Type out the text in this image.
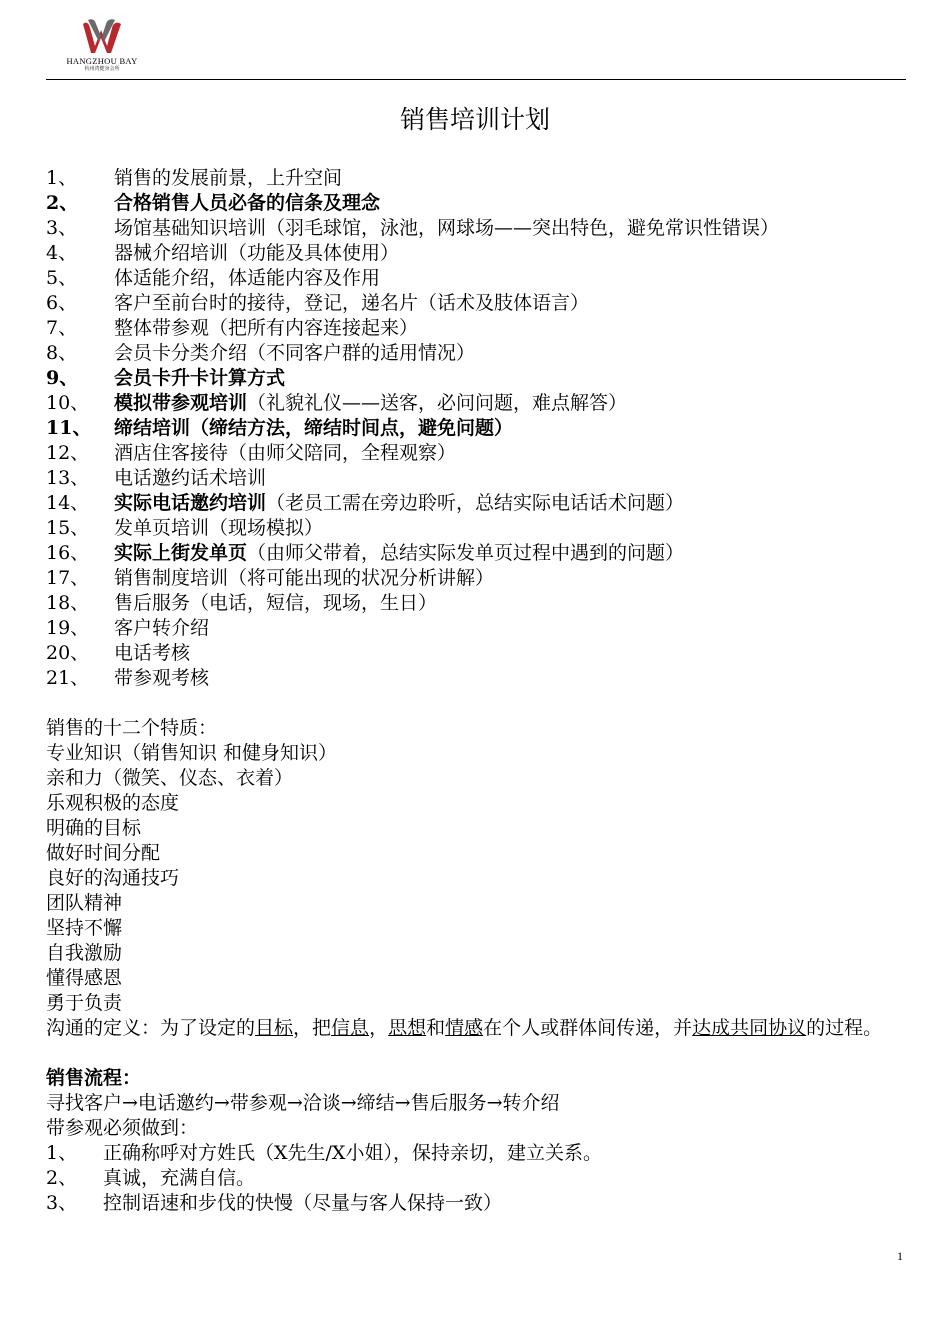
HANGZHOU BAY
杭州湾健身会所
销售培训计划
1、 销售的发展前景，上升空间
2、 合格销售人员必备的信条及理念
3、 场馆基础知识培训（羽毛球馆，泳池，网球场——突出特色，避免常识性错误）
4、 器械介绍培训（功能及具体使用）
5、 体适能介绍，体适能内容及作用
6、 客户至前台时的接待，登记，递名片（话术及肢体语言）
7、 整体带参观（把所有内容连接起来）
8、 会员卡分类介绍（不同客户群的适用情况）
9、 会员卡升卡计算方式
10、 模拟带参观培训（礼貌礼仪——送客，必问问题，难点解答）
11、 缔结培训（缔结方法，缔结时间点，避免问题）
12、 酒店住客接待（由师父陪同，全程观察）
13、 电话邀约话术培训
14、 实际电话邀约培训（老员工需在旁边聆听，总结实际电话话术问题）
15、 发单页培训（现场模拟）
16、 实际上街发单页（由师父带着，总结实际发单页过程中遇到的问题）
17、 销售制度培训（将可能出现的状况分析讲解）
18、 售后服务（电话，短信，现场，生日）
19、 客户转介绍
20、 电话考核
21、 带参观考核
销售的十二个特质：
专业知识（销售知识 和健身知识）
亲和力（微笑、仪态、衣着）
乐观积极的态度
明确的目标
做好时间分配
良好的沟通技巧
团队精神
坚持不懈
自我激励
懂得感恩
勇于负责
沟通的定义：为了设定的目标，把信息，思想和情感在个人或群体间传递，并达成共同协议的过程。
销售流程：
寻找客户→电话邀约→带参观→洽谈→缔结→售后服务→转介绍
带参观必须做到：
1、 正确称呼对方姓氏（X先生/X小姐），保持亲切，建立关系。
2、 真诚，充满自信。
3、 控制语速和步伐的快慢（尽量与客人保持一致）
1
